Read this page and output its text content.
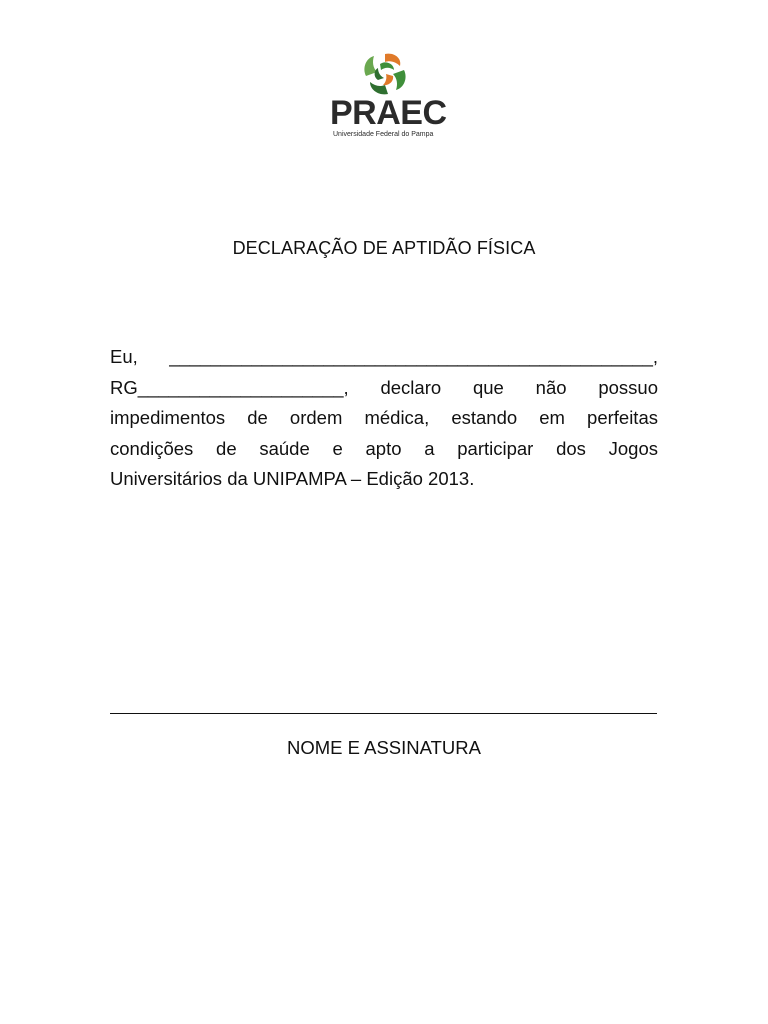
PRAEC
Universidade Federal do Pampa
DECLARAÇÃO DE APTIDÃO FÍSICA
Eu, _______________________________________________,
RG____________________, declaro que não possuo
impedimentos de ordem médica, estando em perfeitas
condições de saúde e apto a participar dos Jogos
Universitários da UNIPAMPA – Edição 2013.
NOME E ASSINATURA
